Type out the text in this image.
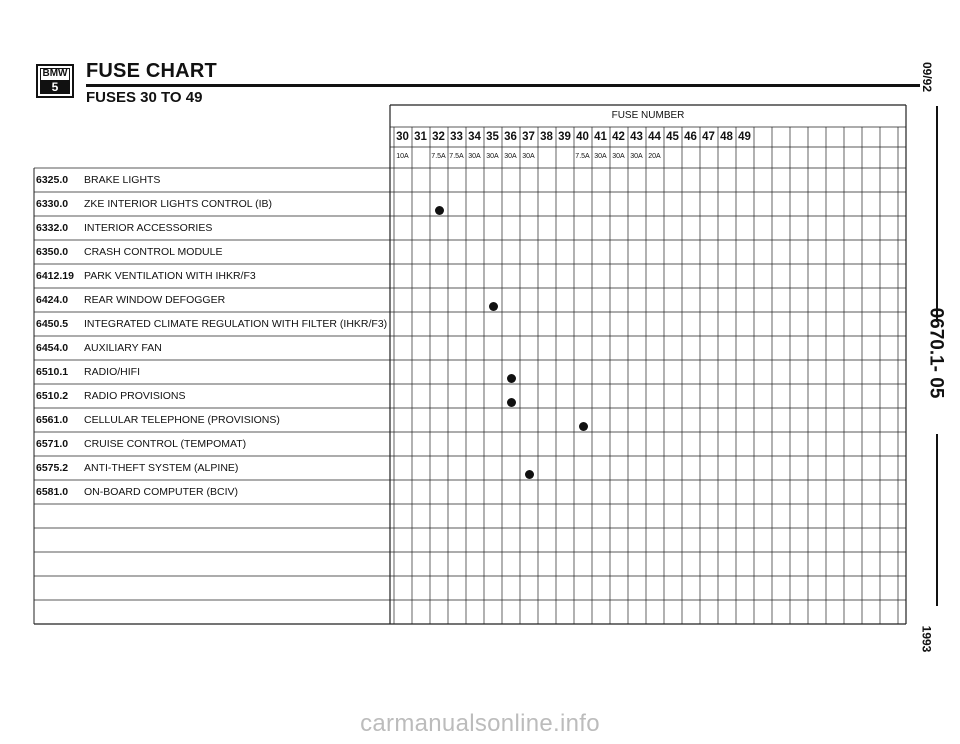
BMW
5
FUSE CHART
FUSES 30 TO 49
09/92
0670.1- 05
1993
FUSE NUMBER
30
10A
31 32
7.5A
33
7.5A
34
30A
35
30A
36
30A
37
30A
38 39 40
7.5A
41
30A
42
30A
43
30A
44
20A
45 46 47 48 49
6325.0 BRAKE LIGHTS
6330.0 ZKE INTERIOR LIGHTS CONTROL (IB)
6332.0 INTERIOR ACCESSORIES
6350.0 CRASH CONTROL MODULE
6412.19 PARK VENTILATION WITH IHKR/F3
6424.0 REAR WINDOW DEFOGGER
6450.5 INTEGRATED CLIMATE REGULATION WITH FILTER (IHKR/F3)
6454.0 AUXILIARY FAN
6510.1 RADIO/HIFI
6510.2 RADIO PROVISIONS
6561.0 CELLULAR TELEPHONE (PROVISIONS)
6571.0 CRUISE CONTROL (TEMPOMAT)
6575.2 ANTI-THEFT SYSTEM (ALPINE)
6581.0 ON-BOARD COMPUTER (BCIV)
carmanualsonline.info
